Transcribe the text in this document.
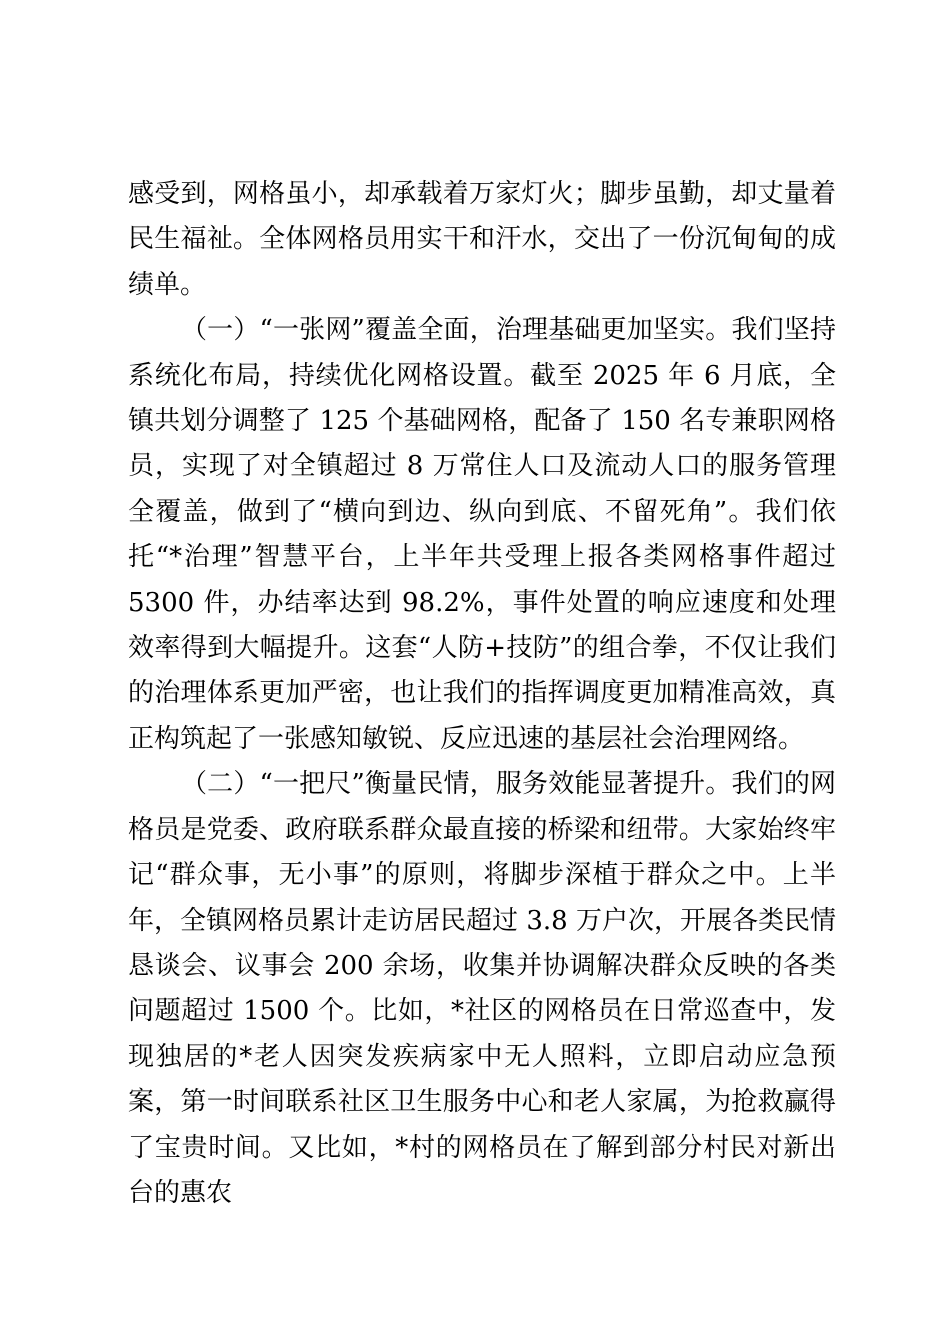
感受到，网格虽小，却承载着万家灯火；脚步虽勤，却丈量着民生福祉。全体网格员用实干和汗水，交出了一份沉甸甸的成绩单。

（一）“一张网”覆盖全面，治理基础更加坚实。我们坚持系统化布局，持续优化网格设置。截至 2025 年 6 月底，全镇共划分调整了 125 个基础网格，配备了 150 名专兼职网格员，实现了对全镇超过 8 万常住人口及流动人口的服务管理全覆盖，做到了“横向到边、纵向到底、不留死角”。我们依托“*治理”智慧平台，上半年共受理上报各类网格事件超过 5300 件，办结率达到 98.2%，事件处置的响应速度和处理效率得到大幅提升。这套“人防+技防”的组合拳，不仅让我们的治理体系更加严密，也让我们的指挥调度更加精准高效，真正构筑起了一张感知敏锐、反应迅速的基层社会治理网络。

（二）“一把尺”衡量民情，服务效能显著提升。我们的网格员是党委、政府联系群众最直接的桥梁和纽带。大家始终牢记“群众事，无小事”的原则，将脚步深植于群众之中。上半年，全镇网格员累计走访居民超过 3.8 万户次，开展各类民情恳谈会、议事会 200 余场，收集并协调解决群众反映的各类问题超过 1500 个。比如，*社区的网格员在日常巡查中，发现独居的*老人因突发疾病家中无人照料，立即启动应急预案，第一时间联系社区卫生服务中心和老人家属，为抢救赢得了宝贵时间。又比如，*村的网格员在了解到部分村民对新出台的惠农
